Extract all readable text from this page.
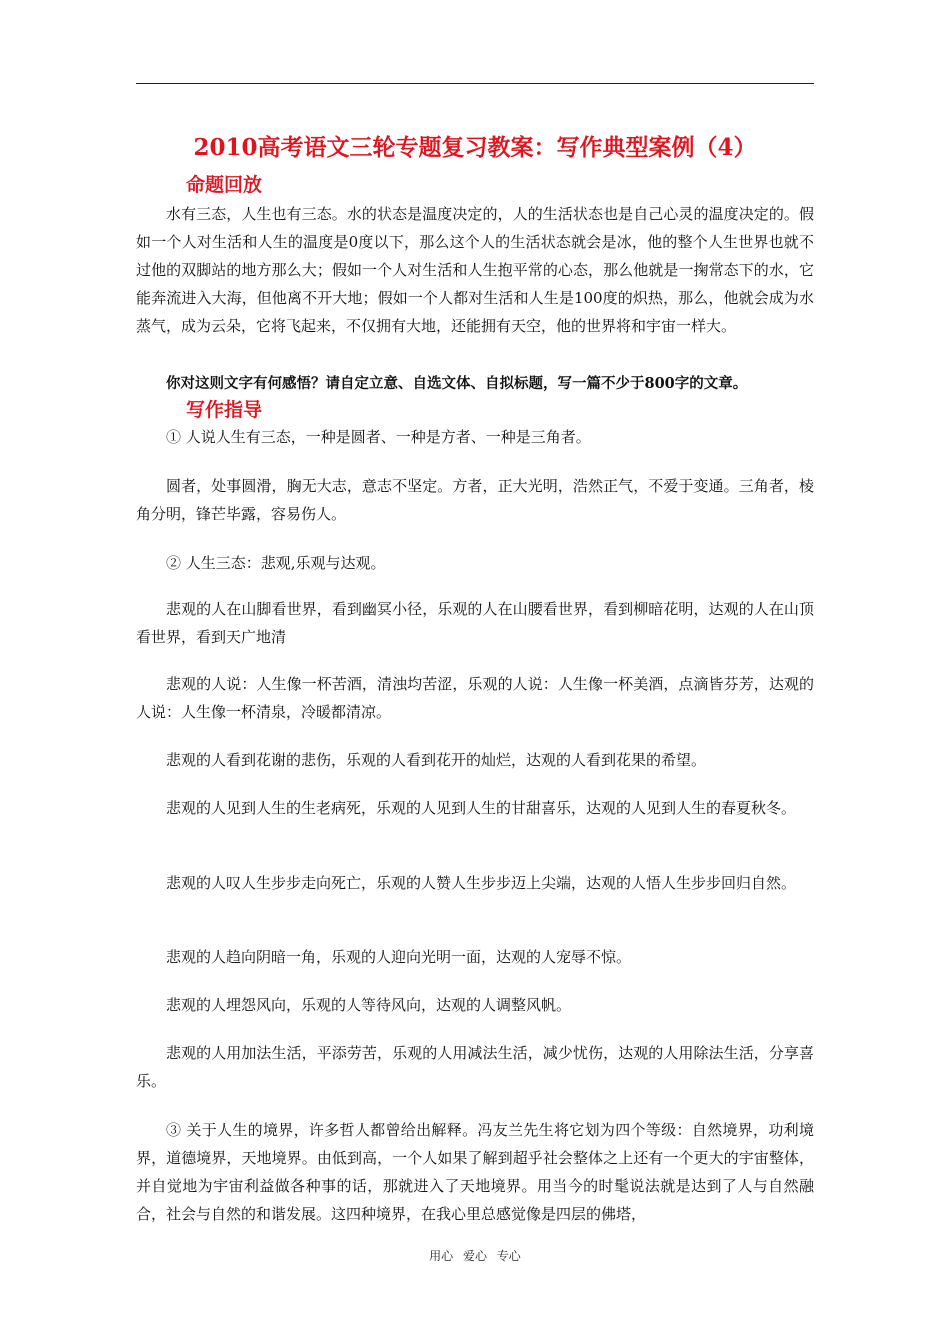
2010高考语文三轮专题复习教案：写作典型案例（4）
命题回放

水有三态，人生也有三态。水的状态是温度决定的，人的生活状态也是自己心灵的温度决定的。假如一个人对生活和人生的温度是0度以下，那么这个人的生活状态就会是冰，他的整个人生世界也就不过他的双脚站的地方那么大；假如一个人对生活和人生抱平常的心态，那么他就是一掬常态下的水，它能奔流进入大海，但他离不开大地；假如一个人都对生活和人生是100度的炽热，那么，他就会成为水蒸气，成为云朵，它将飞起来，不仅拥有大地，还能拥有天空，他的世界将和宇宙一样大。

你对这则文字有何感悟？请自定立意、自选文体、自拟标题，写一篇不少于800字的文章。

写作指导

① 人说人生有三态，一种是圆者、一种是方者、一种是三角者。

圆者，处事圆滑，胸无大志，意志不坚定。方者，正大光明，浩然正气，不爱于变通。三角者，棱角分明，锋芒毕露，容易伤人。

② 人生三态：悲观,乐观与达观。

悲观的人在山脚看世界，看到幽冥小径，乐观的人在山腰看世界，看到柳暗花明，达观的人在山顶看世界，看到天广地清

悲观的人说：人生像一杯苦酒，清浊均苦涩，乐观的人说：人生像一杯美酒，点滴皆芬芳，达观的人说：人生像一杯清泉，冷暖都清凉。

悲观的人看到花谢的悲伤，乐观的人看到花开的灿烂，达观的人看到花果的希望。

悲观的人见到人生的生老病死，乐观的人见到人生的甘甜喜乐，达观的人见到人生的春夏秋冬。

悲观的人叹人生步步走向死亡，乐观的人赞人生步步迈上尖端，达观的人悟人生步步回归自然。

悲观的人趋向阴暗一角，乐观的人迎向光明一面，达观的人宠辱不惊。

悲观的人埋怨风向，乐观的人等待风向，达观的人调整风帆。

悲观的人用加法生活，平添劳苦，乐观的人用减法生活，减少忧伤，达观的人用除法生活，分享喜乐。

③ 关于人生的境界，许多哲人都曾给出解释。冯友兰先生将它划为四个等级：自然境界，功利境界，道德境界，天地境界。由低到高，一个人如果了解到超乎社会整体之上还有一个更大的宇宙整体，并自觉地为宇宙利益做各种事的话，那就进入了天地境界。用当今的时髦说法就是达到了人与自然融合，社会与自然的和谐发展。这四种境界，在我心里总感觉像是四层的佛塔，

用心 爱心 专心
